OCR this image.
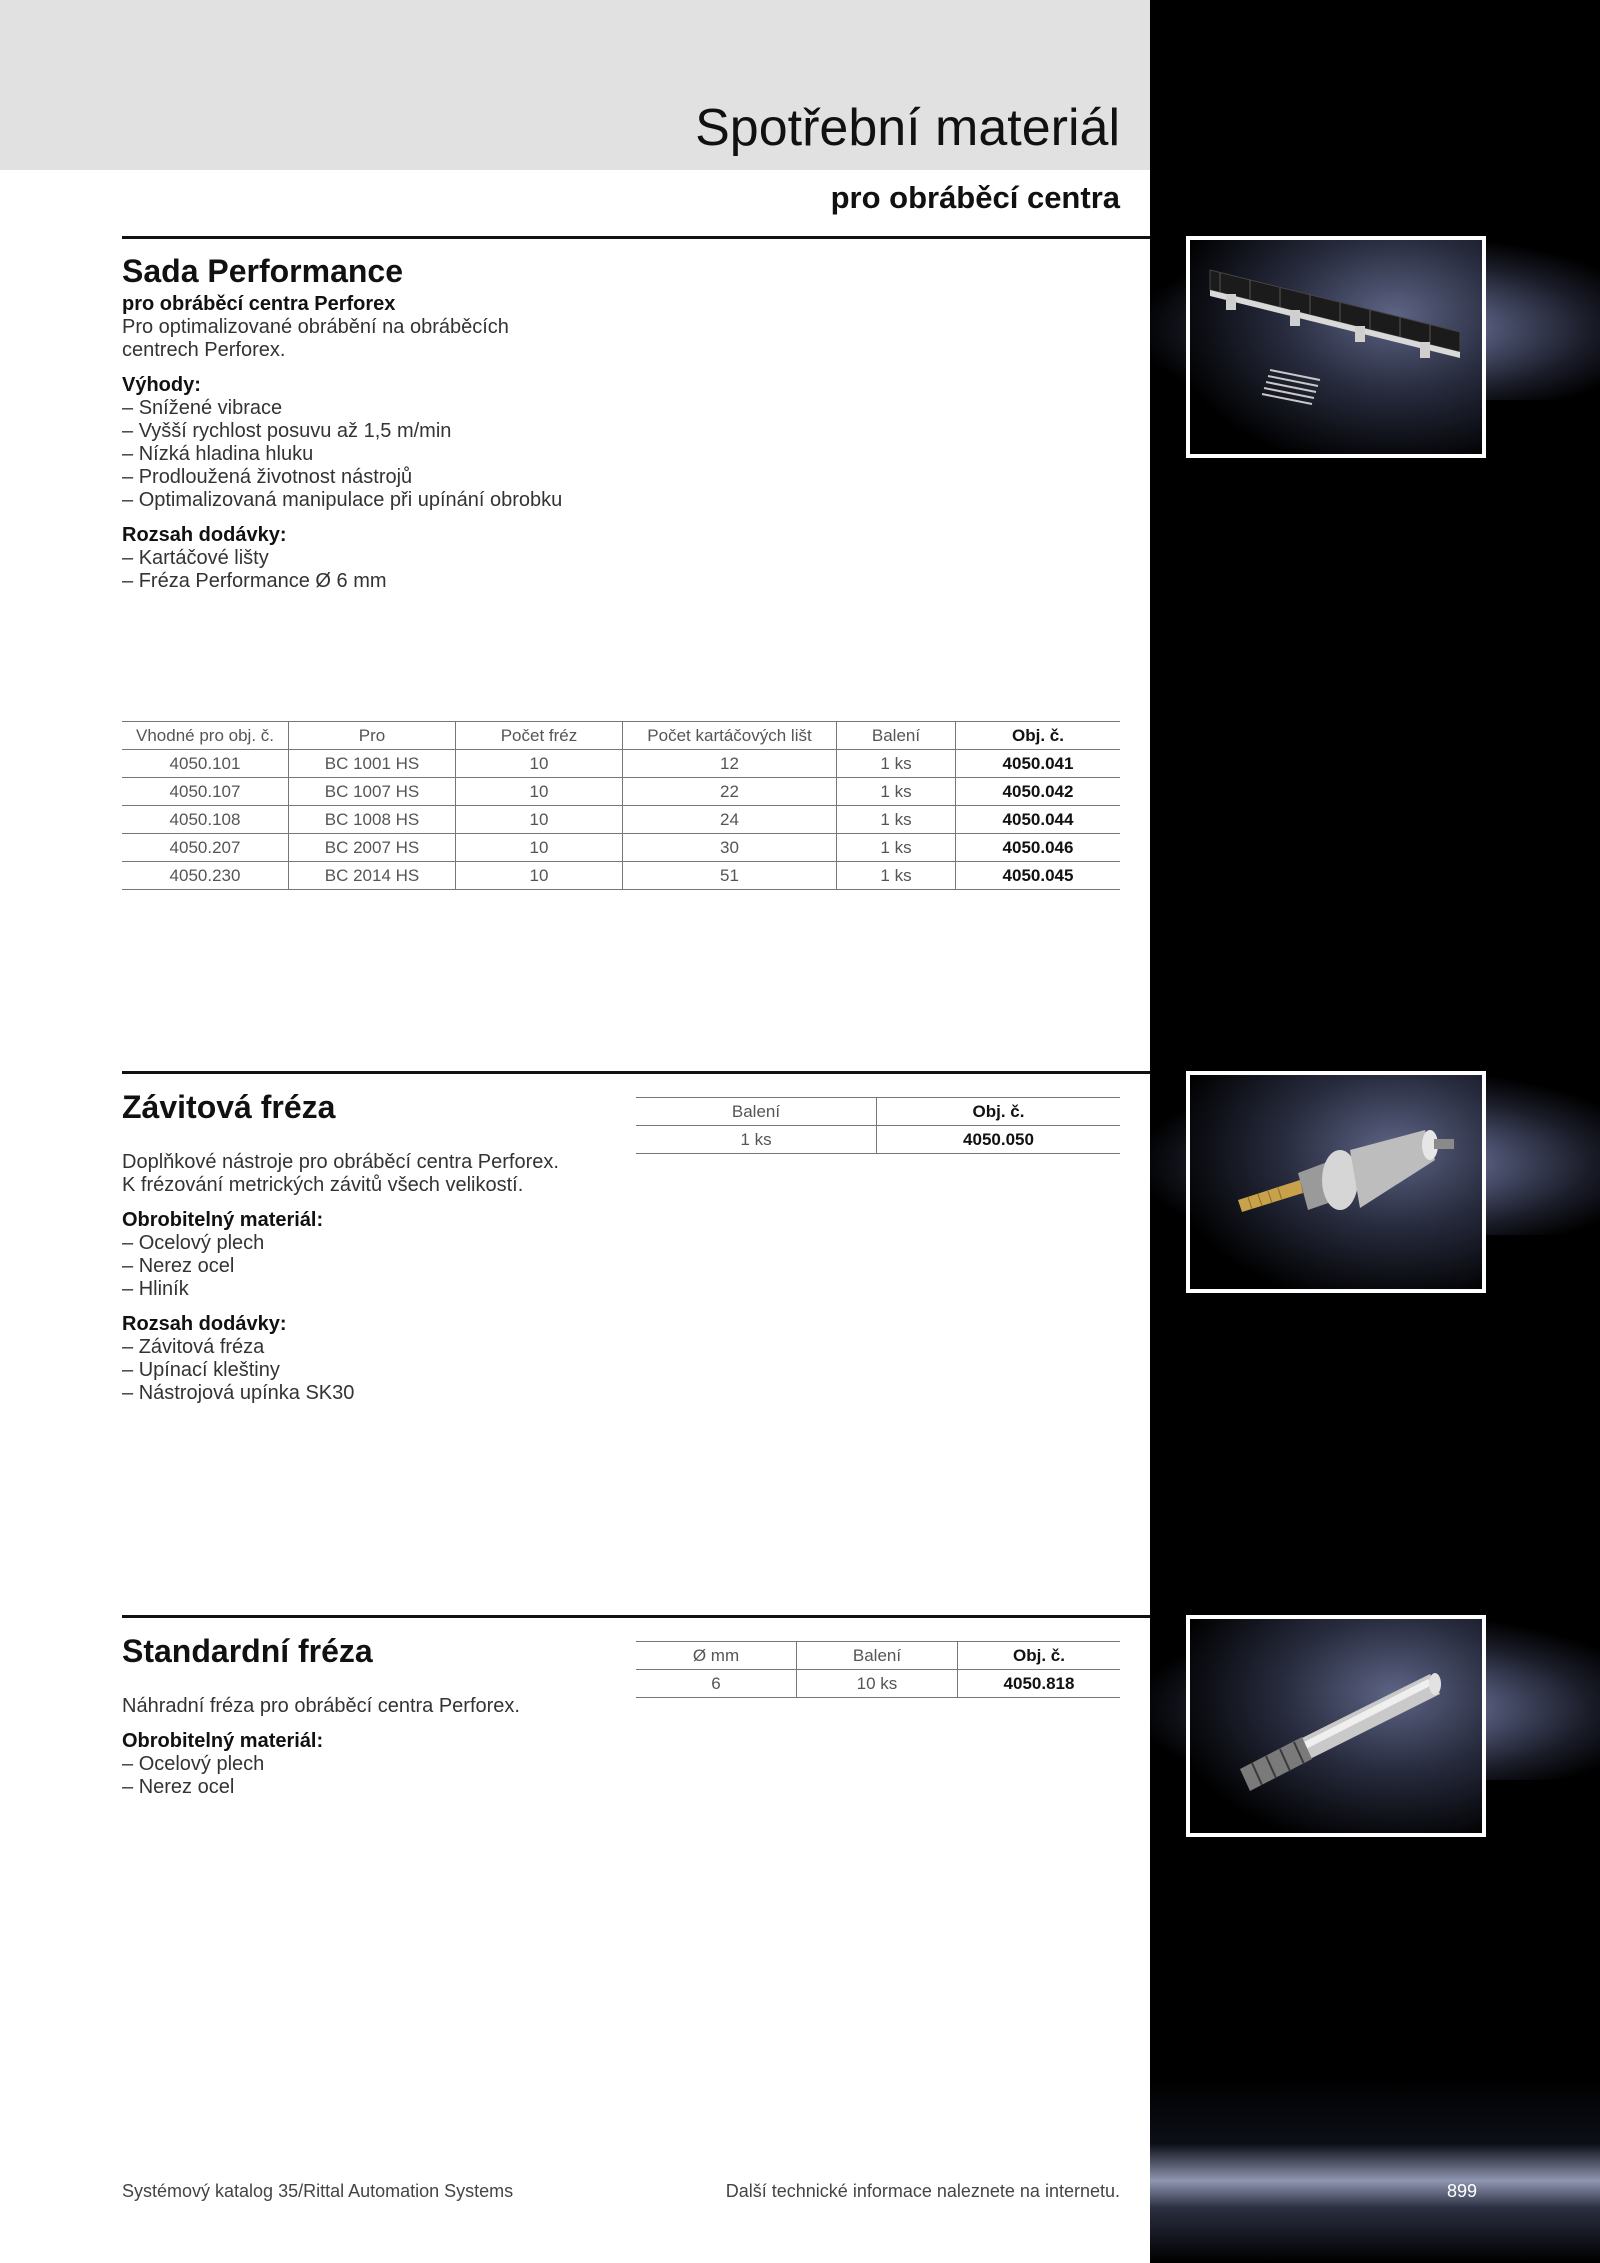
Spotřební materiál
pro obráběcí centra
Sada Performance
pro obráběcí centra Perforex
Pro optimalizované obrábění na obráběcích
centrech Perforex.
Výhody:
– Snížené vibrace
– Vyšší rychlost posuvu až 1,5 m/min
– Nízká hladina hluku
– Prodloužená životnost nástrojů
– Optimalizovaná manipulace při upínání obrobku
Rozsah dodávky:
– Kartáčové lišty
– Fréza Performance Ø 6 mm
Vhodné pro obj. č.	Pro	Počet fréz	Počet kartáčových lišt	Balení	Obj. č.
4050.101	BC 1001 HS	10	12	1 ks	4050.041
4050.107	BC 1007 HS	10	22	1 ks	4050.042
4050.108	BC 1008 HS	10	24	1 ks	4050.044
4050.207	BC 2007 HS	10	30	1 ks	4050.046
4050.230	BC 2014 HS	10	51	1 ks	4050.045
Závitová fréza
Doplňkové nástroje pro obráběcí centra Perforex.
K frézování metrických závitů všech velikostí.
Obrobitelný materiál:
– Ocelový plech
– Nerez ocel
– Hliník
Rozsah dodávky:
– Závitová fréza
– Upínací kleštiny
– Nástrojová upínka SK30
Balení	Obj. č.
1 ks	4050.050
Standardní fréza
Náhradní fréza pro obráběcí centra Perforex.
Obrobitelný materiál:
– Ocelový plech
– Nerez ocel
Ø mm	Balení	Obj. č.
6	10 ks	4050.818
Systémový katalog 35/Rittal Automation Systems	Další technické informace naleznete na internetu.	899
